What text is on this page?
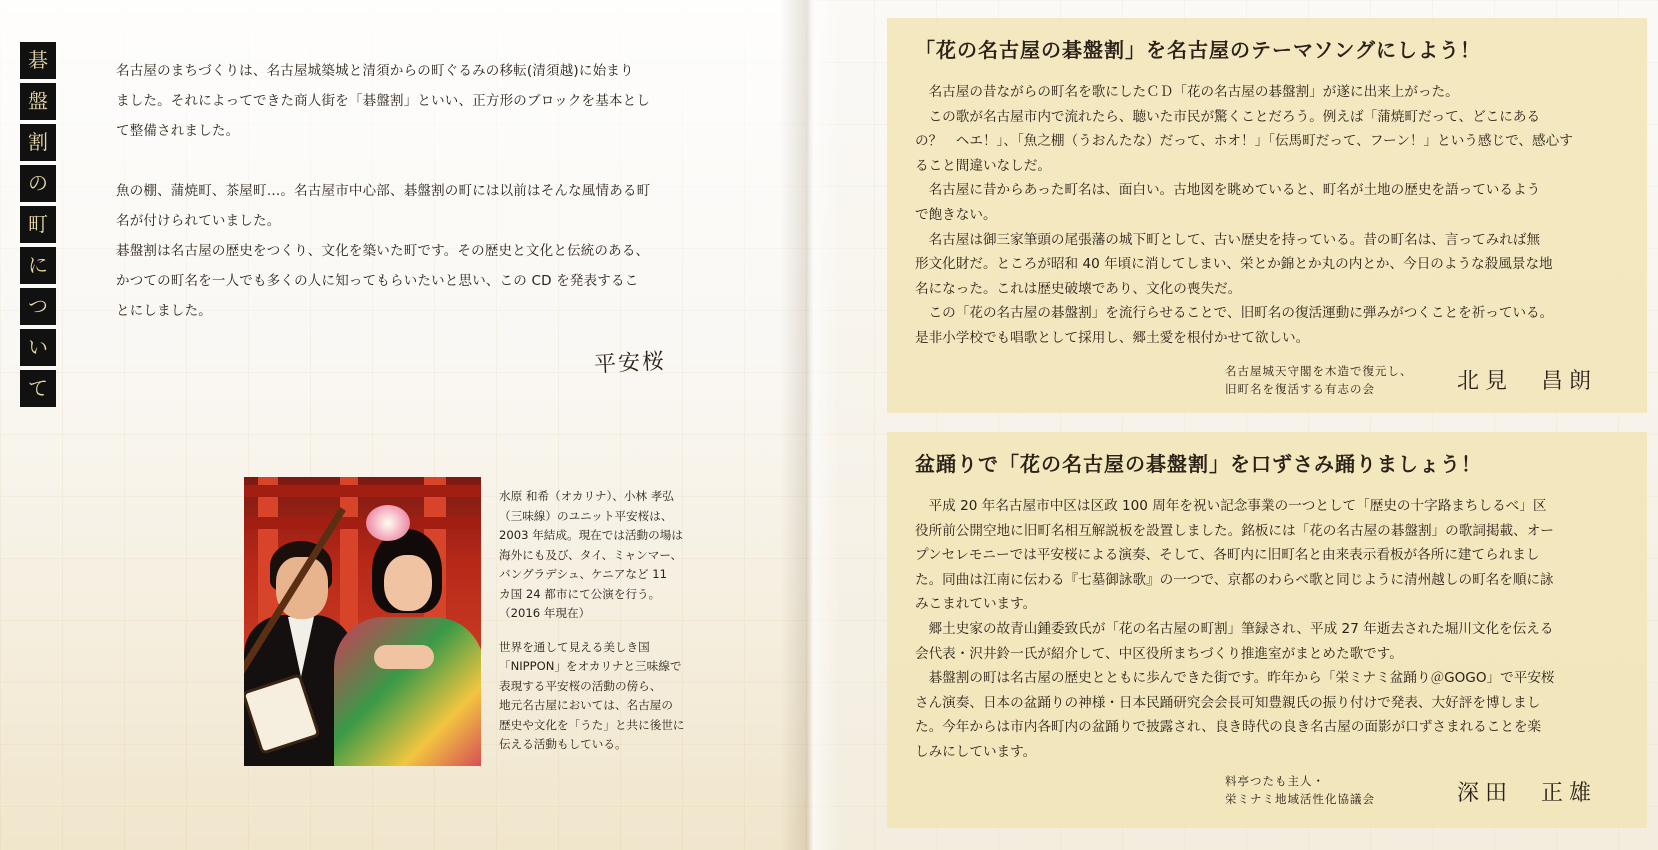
碁
盤
割
の
町
に
つ
い
て

名古屋のまちづくりは、名古屋城築城と清須からの町ぐるみの移転(清須越)に始まり

ました。それによってできた商人街を「碁盤割」といい、正方形のブロックを基本とし

て整備されました。

魚の棚、蒲焼町、茶屋町…。名古屋市中心部、碁盤割の町には以前はそんな風情ある町

名が付けられていました。

碁盤割は名古屋の歴史をつくり、文化を築いた町です。その歴史と文化と伝統のある、

かつての町名を一人でも多くの人に知ってもらいたいと思い、この CD を発表するこ

とにしました。

平安桜
水原 和希（オカリナ）、小林 孝弘
（三味線）のユニット平安桜は、
2003 年結成。現在では活動の場は
海外にも及び、タイ、ミャンマー、
バングラデシュ、ケニアなど 11
カ国 24 都市にて公演を行う。
（2016 年現在）
世界を通して見える美しき国
「NIPPON」をオカリナと三味線で
表現する平安桜の活動の傍ら、
地元名古屋においては、名古屋の
歴史や文化を「うた」と共に後世に
伝える活動もしている。
「花の名古屋の碁盤割」を名古屋のテーマソングにしよう！
　名古屋の昔ながらの町名を歌にしたＣＤ「花の名古屋の碁盤割」が遂に出来上がった。
　この歌が名古屋市内で流れたら、聴いた市民が驚くことだろう。例えば「蒲焼町だって、どこにある
の？　ヘエ！」、「魚之棚（うおんたな）だって、ホオ！」「伝馬町だって、フーン！」という感じで、感心す
ること間違いなしだ。
　名古屋に昔からあった町名は、面白い。古地図を眺めていると、町名が土地の歴史を語っているよう
で飽きない。
　名古屋は御三家筆頭の尾張藩の城下町として、古い歴史を持っている。昔の町名は、言ってみれば無
形文化財だ。ところが昭和 40 年頃に消してしまい、栄とか錦とか丸の内とか、今日のような殺風景な地
名になった。これは歴史破壊であり、文化の喪失だ。
　この「花の名古屋の碁盤割」を流行らせることで、旧町名の復活運動に弾みがつくことを祈っている。
是非小学校でも唱歌として採用し、郷土愛を根付かせて欲しい。
名古屋城天守閣を木造で復元し、
旧町名を復活する有志の会	北見　昌朗
盆踊りで「花の名古屋の碁盤割」を口ずさみ踊りましょう！
　平成 20 年名古屋市中区は区政 100 周年を祝い記念事業の一つとして「歴史の十字路まちしるべ」区
役所前公開空地に旧町名相互解説板を設置しました。銘板には「花の名古屋の碁盤割」の歌詞掲載、オー
プンセレモニーでは平安桜による演奏、そして、各町内に旧町名と由来表示看板が各所に建てられまし
た。同曲は江南に伝わる『七墓御詠歌』の一つで、京都のわらべ歌と同じように清州越しの町名を順に詠
みこまれています。
　郷土史家の故青山鍾委致氏が「花の名古屋の町割」筆録され、平成 27 年逝去された堀川文化を伝える
会代表・沢井鈴一氏が紹介して、中区役所まちづくり推進室がまとめた歌です。
　碁盤割の町は名古屋の歴史とともに歩んできた街です。昨年から「栄ミナミ盆踊り＠GOGO」で平安桜
さん演奏、日本の盆踊りの神様・日本民踊研究会会長可知豊親氏の振り付けで発表、大好評を博しまし
た。今年からは市内各町内の盆踊りで披露され、良き時代の良き名古屋の面影が口ずさまれることを楽
しみにしています。
料亭つたも主人・
栄ミナミ地域活性化協議会	深田　正雄
